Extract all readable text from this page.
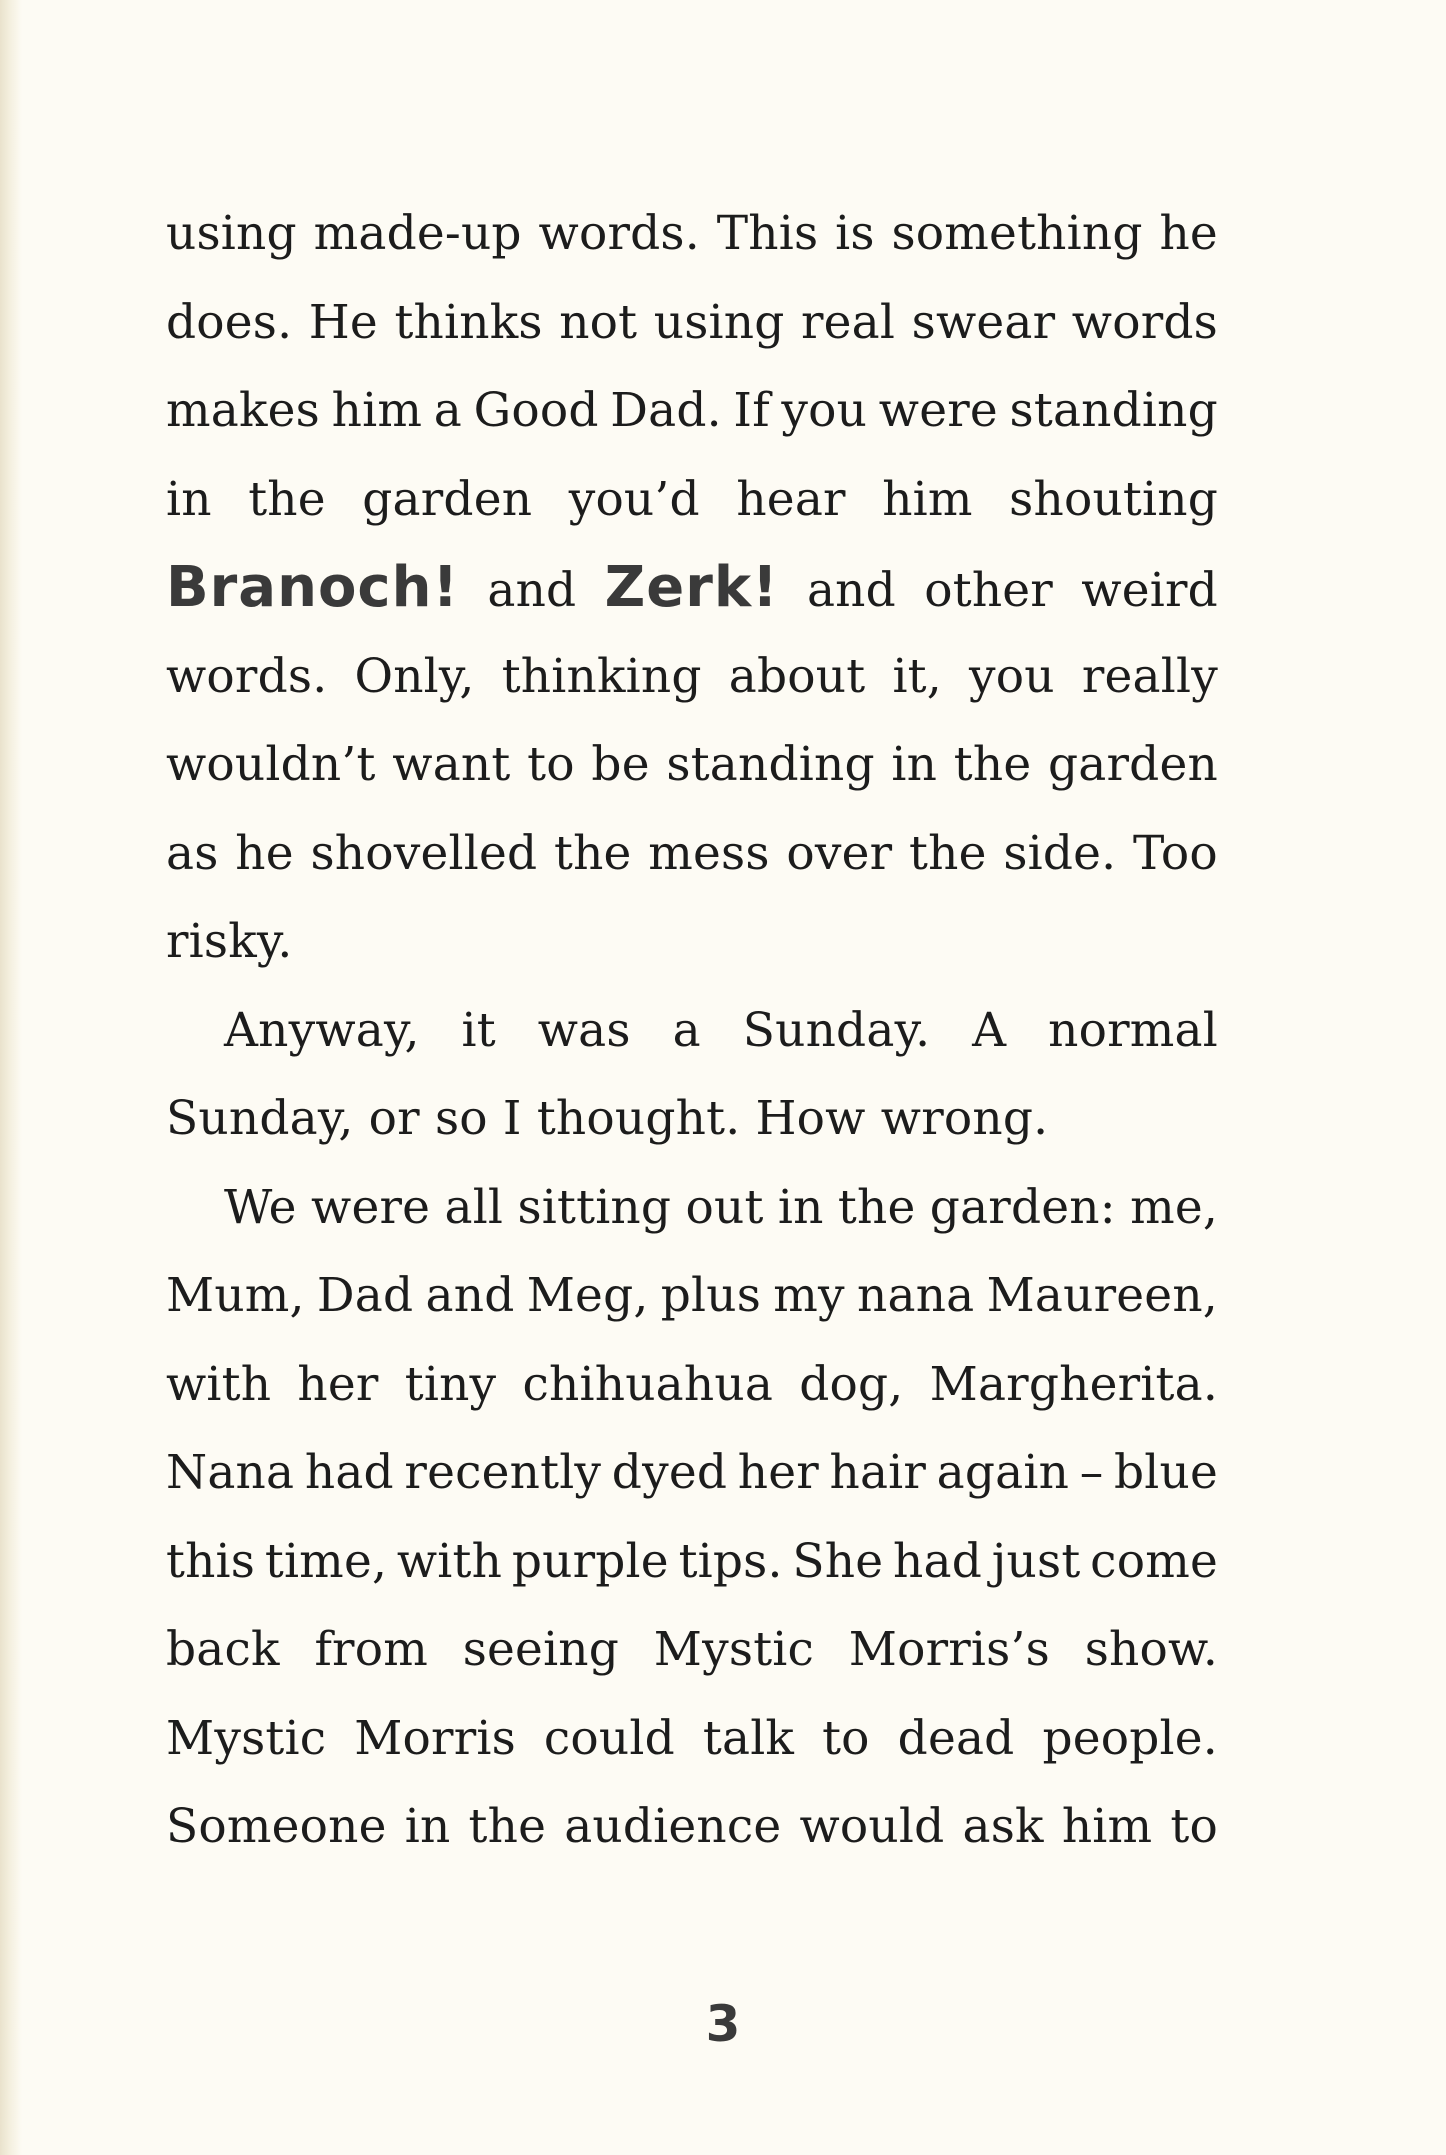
using made-up words. This is something he
does. He thinks not using real swear words
makes him a Good Dad. If you were standing
in the garden you’d hear him shouting
Branoch! and Zerk! and other weird
words. Only, thinking about it, you really
wouldn’t want to be standing in the garden
as he shovelled the mess over the side. Too
risky.
Anyway, it was a Sunday. A normal
Sunday,
or
so
I
thought.
How
wrong.
We were all sitting out in the garden: me,
Mum, Dad and Meg, plus my nana Maureen,
with her tiny chihuahua dog, Margherita.
Nana had recently dyed her hair again – blue
this time, with purple tips. She had just come
back from seeing Mystic Morris’s show.
Mystic Morris could talk to dead people.
Someone in the audience would ask him to
3
